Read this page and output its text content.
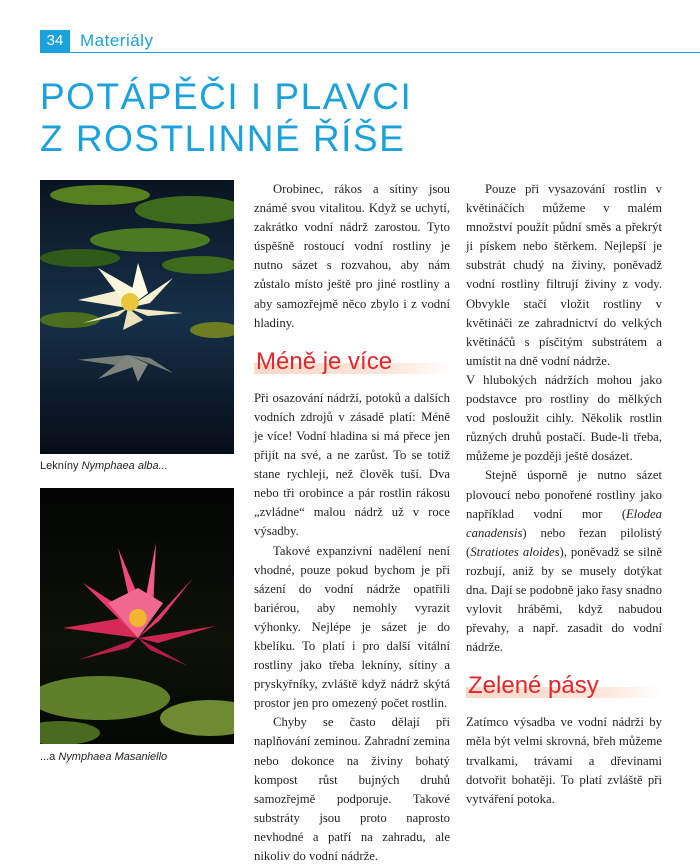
34 Materiály
POTÁPĚČI I PLAVCI
Z ROSTLINNÉ ŘÍŠE
Lekníny Nymphaea alba...
...a Nymphaea Masaniello

Orobinec, rákos a sítiny jsou známé svou vitalitou. Když se uchytí, zakrátko vodní nádrž zarostou. Tyto úspěšně rostoucí vodní rostliny je nutno sázet s rozvahou, aby nám zůstalo místo ještě pro jiné rostliny a aby samozřejmě něco zbylo i z vodní hladiny.

Méně je více

Při osazování nádrží, potoků a dalších vodních zdrojů v zásadě platí: Méně je více! Vodní hladina si má přece jen přijít na své, a ne zarůst. To se totiž stane rychleji, než člověk tuší. Dva nebo tři orobince a pár rostlin rákosu „zvládne“ malou nádrž už v roce výsadby.

Takové expanzivní nadělení není vhodné, pouze pokud bychom je při sázení do vodní nádrže opatřili bariérou, aby nemohly vyrazit výhonky. Nejlépe je sázet je do kbelíku. To platí i pro další vitální rostliny jako třeba lekníny, sítiny a pryskyřníky, zvláště když nádrž skýtá prostor jen pro omezený počet rostlin.

Chyby se často dělají při naplňování zeminou. Zahradní zemina nebo dokonce na živiny bohatý kompost růst bujných druhů samozřejmě podporuje. Takové substráty jsou proto naprosto nevhodné a patří na zahradu, ale nikoliv do vodní nádrže.

Pouze při vysazování rostlin v květináčích můžeme v malém množství použít půdní směs a překrýt ji pískem nebo štěrkem. Nejlepší je substrát chudý na živiny, poněvadž vodní rostliny filtrují živiny z vody. Obvykle stačí vložit rostliny v květináči ze zahradnictví do velkých květináčů s písčitým substrátem a umístit na dně vodní nádrže.

V hlubokých nádržích mohou jako podstavce pro rostliny do mělkých vod posloužit cihly. Několik rostlin různých druhů postačí. Bude-li třeba, můžeme je později ještě dosázet.

Stejně úsporně je nutno sázet plovoucí nebo ponořené rostliny jako například vodní mor (Elodea canadensis) nebo řezan pilolistý (Stratiotes aloides), poněvadž se silně rozbují, aniž by se musely dotýkat dna. Dají se podobně jako řasy snadno vylovit hráběmi, když nabudou převahy, a např. zasadit do vodní nádrže.

Zelené pásy

Zatímco výsadba ve vodní nádrži by měla být velmi skrovná, břeh můžeme trvalkami, trávami a dřevinami dotvořit bohatěji. To platí zvláště při vytváření potoka.
